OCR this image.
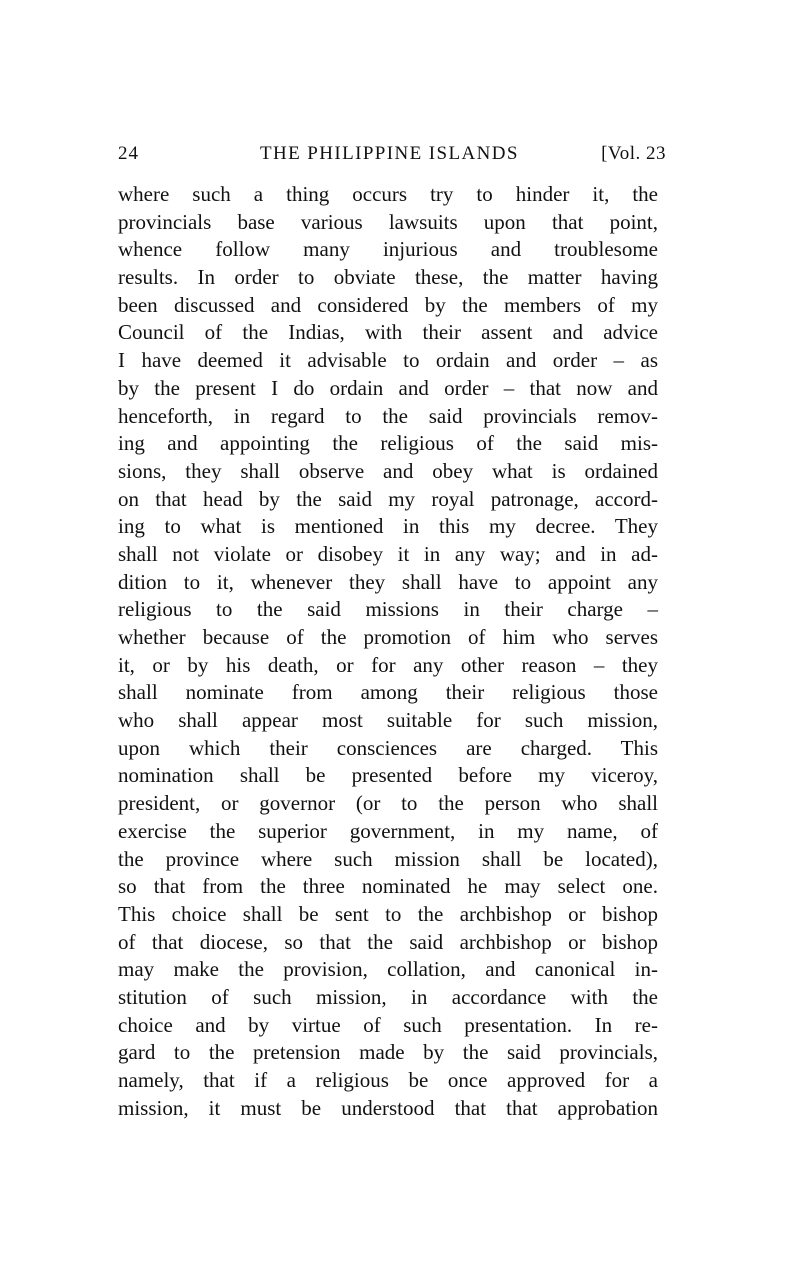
24	THE PHILIPPINE ISLANDS	[Vol. 23
where such a thing occurs try to hinder it, the
provincials base various lawsuits upon that point,
whence follow many injurious and troublesome
results. In order to obviate these, the matter having
been discussed and considered by the members of my
Council of the Indias, with their assent and advice
I have deemed it advisable to ordain and order – as
by the present I do ordain and order – that now and
henceforth, in regard to the said provincials remov-
ing and appointing the religious of the said mis-
sions, they shall observe and obey what is ordained
on that head by the said my royal patronage, accord-
ing to what is mentioned in this my decree. They
shall not violate or disobey it in any way; and in ad-
dition to it, whenever they shall have to appoint any
religious to the said missions in their charge –
whether because of the promotion of him who serves
it, or by his death, or for any other reason – they
shall nominate from among their religious those
who shall appear most suitable for such mission,
upon which their consciences are charged. This
nomination shall be presented before my viceroy,
president, or governor (or to the person who shall
exercise the superior government, in my name, of
the province where such mission shall be located),
so that from the three nominated he may select one.
This choice shall be sent to the archbishop or bishop
of that diocese, so that the said archbishop or bishop
may make the provision, collation, and canonical in-
stitution of such mission, in accordance with the
choice and by virtue of such presentation. In re-
gard to the pretension made by the said provincials,
namely, that if a religious be once approved for a
mission, it must be understood that that approbation
